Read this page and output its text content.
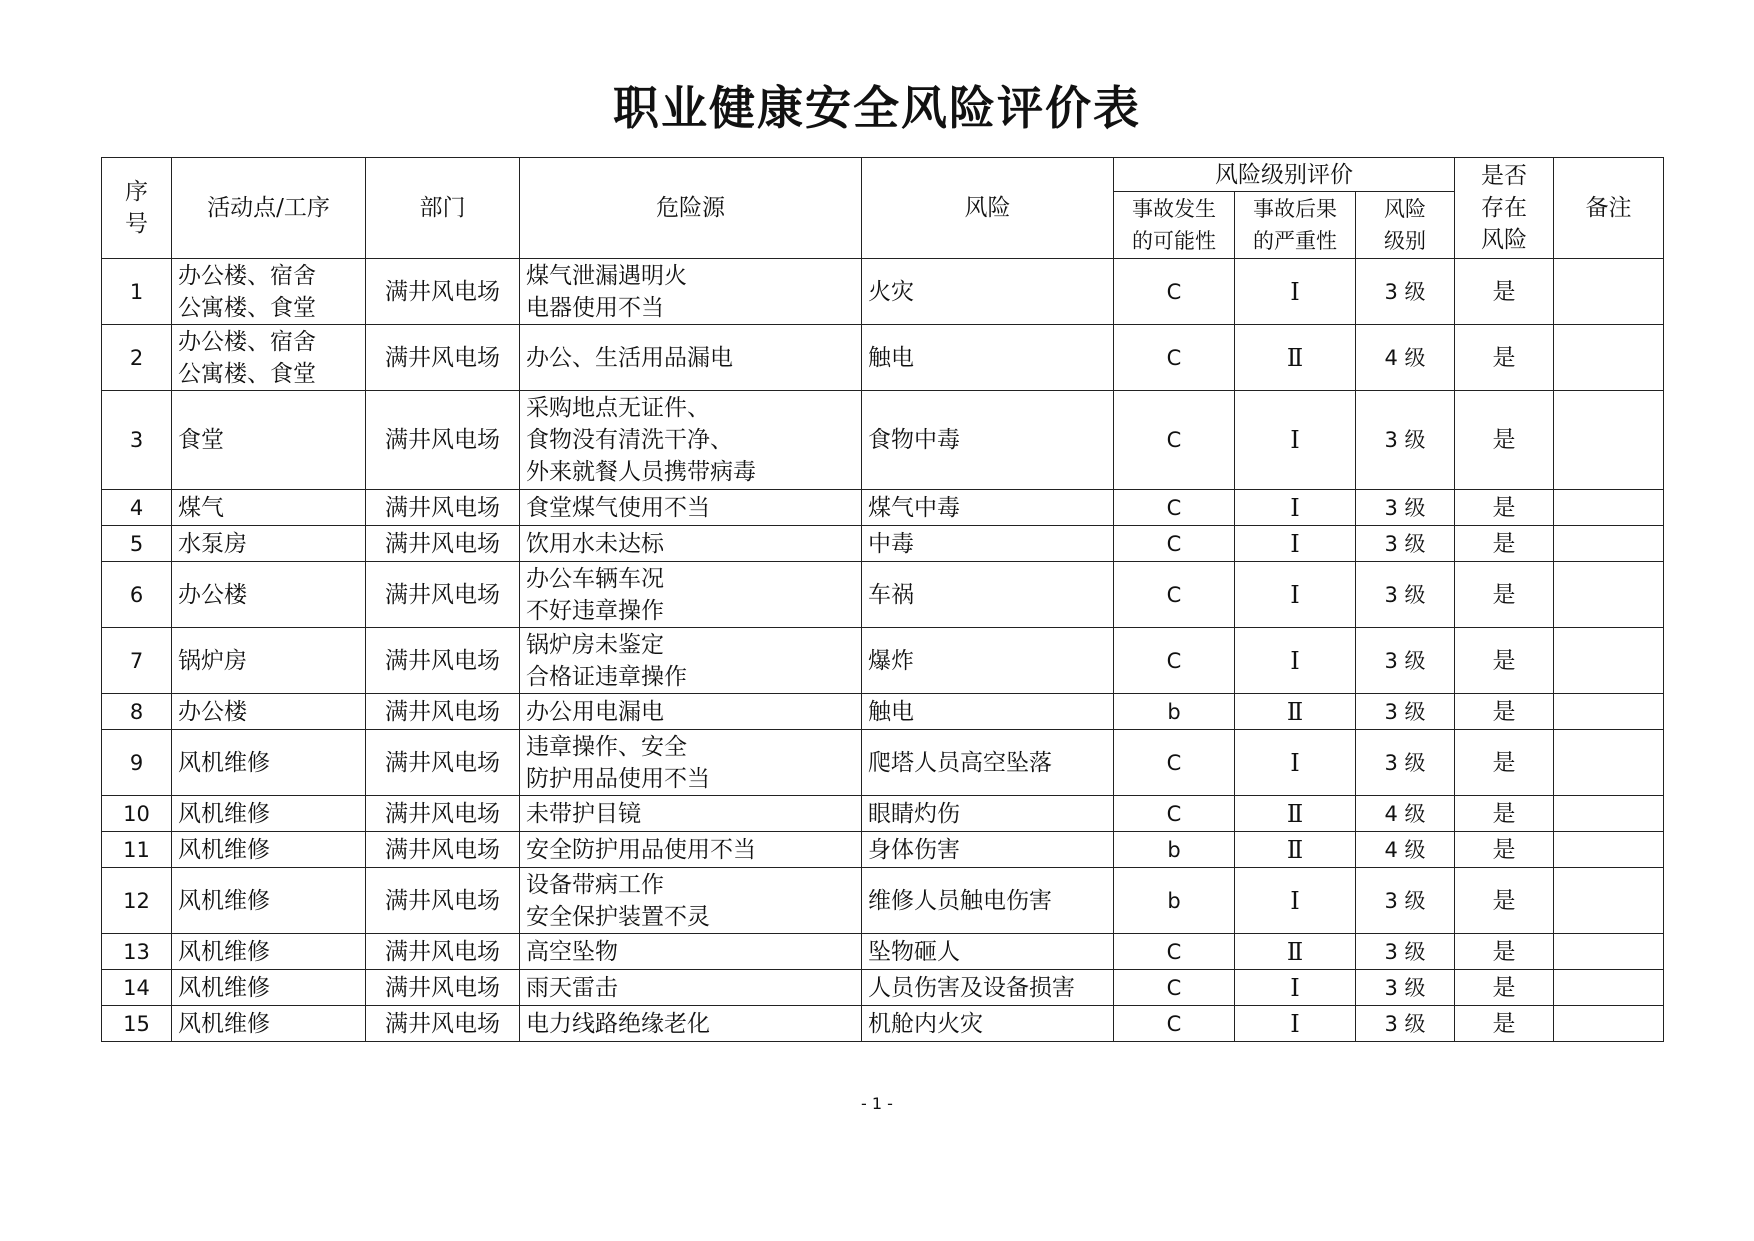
职业健康安全风险评价表
序
号	活动点/工序	部门	危险源	风险	风险级别评价			是否
存在
风险	备注

					事故发生
的可能性	事故后果
的严重性	风险
级别		

1	办公楼、宿舍
公寓楼、食堂	满井风电场	煤气泄漏遇明火
电器使用不当	火灾	C	Ⅰ	3 级	是	
2	办公楼、宿舍
公寓楼、食堂	满井风电场	办公、生活用品漏电	触电	C	Ⅱ	4 级	是	
3	食堂	满井风电场	采购地点无证件、
食物没有清洗干净、
外来就餐人员携带病毒	食物中毒	C	Ⅰ	3 级	是	
4	煤气	满井风电场	食堂煤气使用不当	煤气中毒	C	Ⅰ	3 级	是	
5	水泵房	满井风电场	饮用水未达标	中毒	C	Ⅰ	3 级	是	
6	办公楼	满井风电场	办公车辆车况
不好违章操作	车祸	C	Ⅰ	3 级	是	
7	锅炉房	满井风电场	锅炉房未鉴定
合格证违章操作	爆炸	C	Ⅰ	3 级	是	
8	办公楼	满井风电场	办公用电漏电	触电	b	Ⅱ	3 级	是	
9	风机维修	满井风电场	违章操作、安全
防护用品使用不当	爬塔人员高空坠落	C	Ⅰ	3 级	是	
10	风机维修	满井风电场	未带护目镜	眼睛灼伤	C	Ⅱ	4 级	是	
11	风机维修	满井风电场	安全防护用品使用不当	身体伤害	b	Ⅱ	4 级	是	
12	风机维修	满井风电场	设备带病工作
安全保护装置不灵	维修人员触电伤害	b	Ⅰ	3 级	是	
13	风机维修	满井风电场	高空坠物	坠物砸人	C	Ⅱ	3 级	是	
14	风机维修	满井风电场	雨天雷击	人员伤害及设备损害	C	Ⅰ	3 级	是	
15	风机维修	满井风电场	电力线路绝缘老化	机舱内火灾	C	Ⅰ	3 级	是	
- 1 -
